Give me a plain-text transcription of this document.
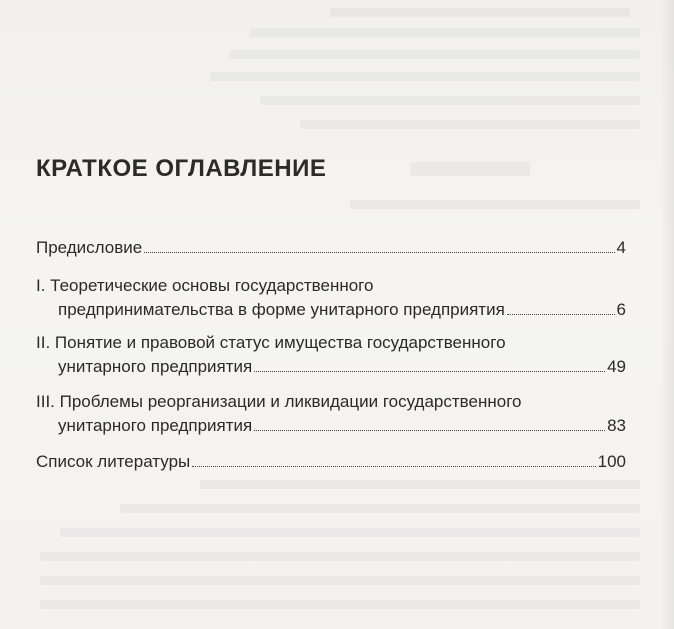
КРАТКОЕ ОГЛАВЛЕНИЕ
Предисловие	4
I. Теоретические основы государственного
предпринимательства в форме унитарного предприятия	6
II. Понятие и правовой статус имущества государственного
унитарного предприятия	49
III. Проблемы реорганизации и ликвидации государственного
унитарного предприятия	83
Список литературы	100
